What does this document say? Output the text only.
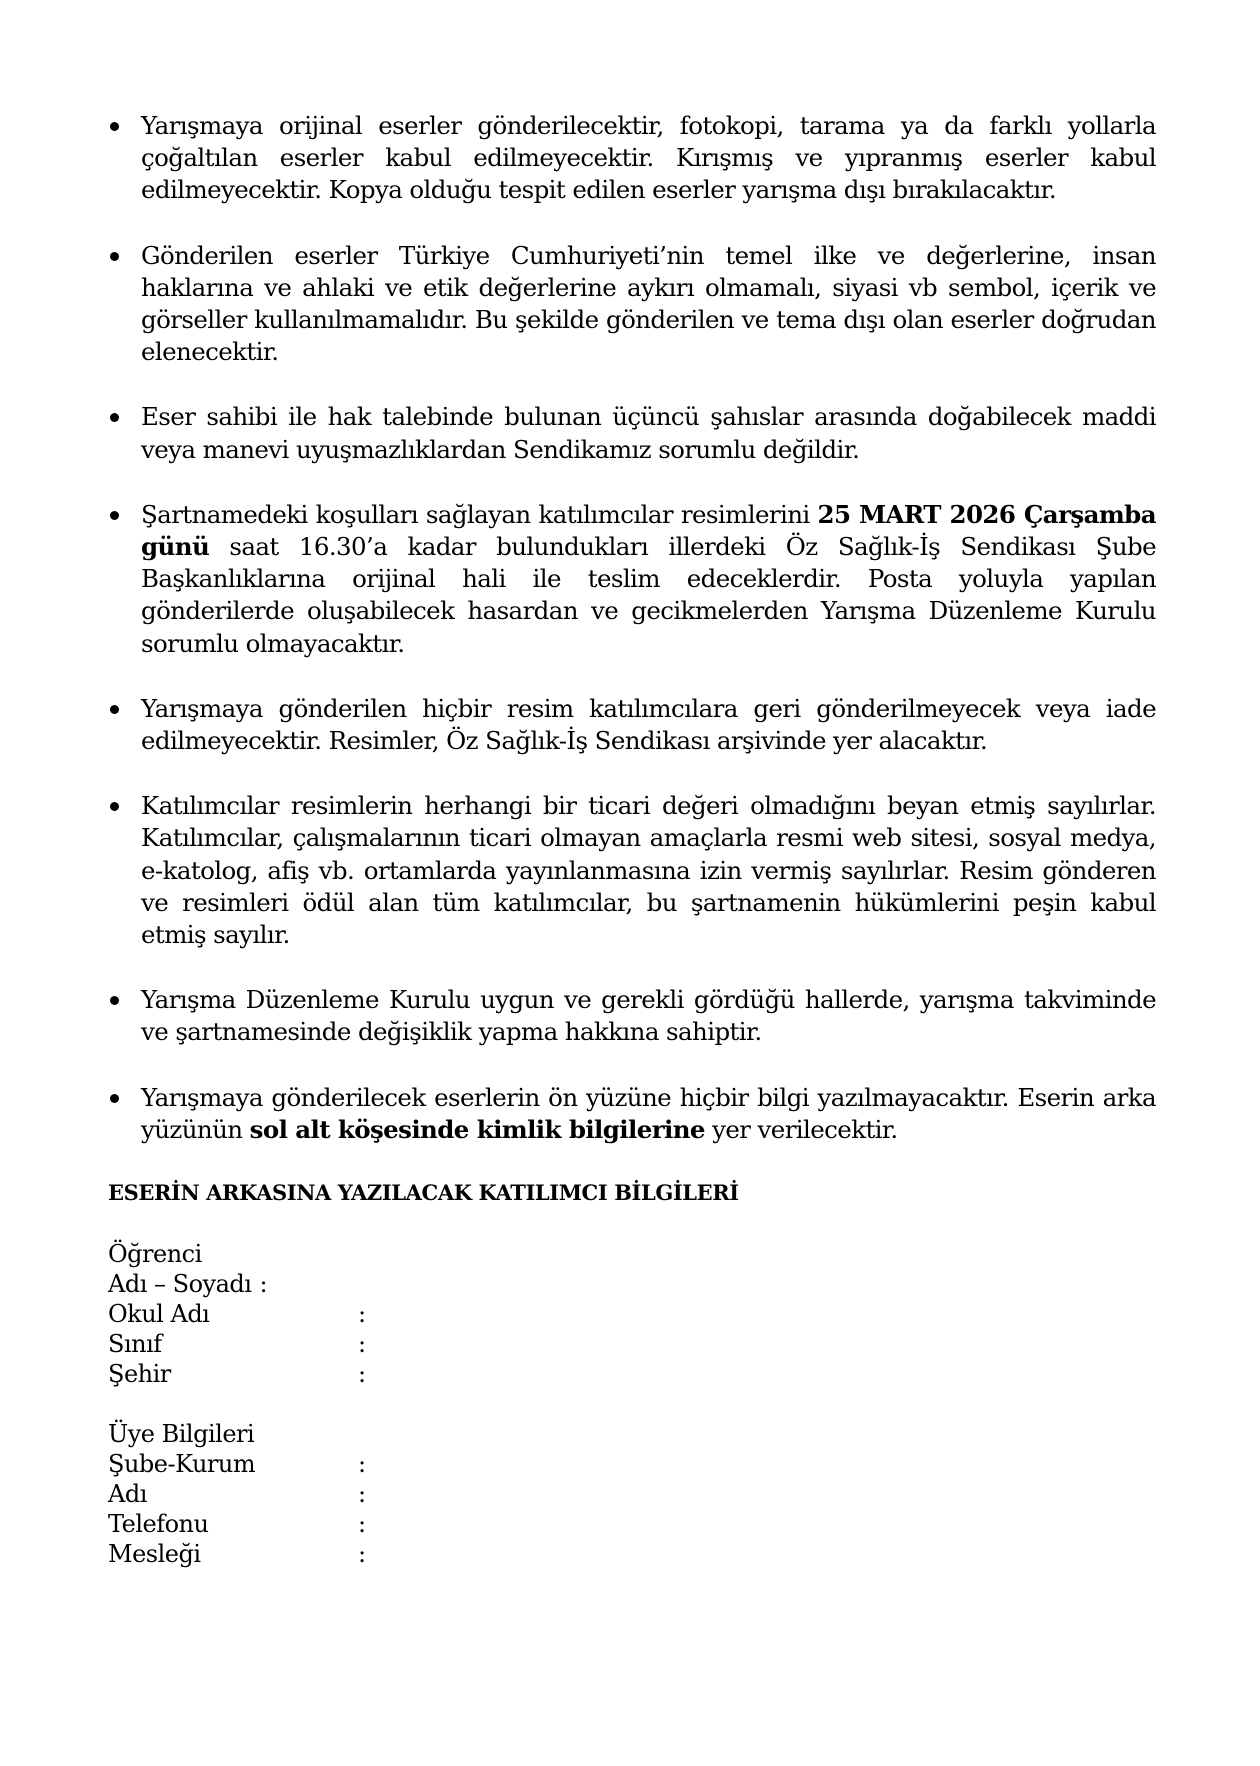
Yarışmaya orijinal eserler gönderilecektir, fotokopi, tarama ya da farklı yollarla çoğaltılan eserler kabul edilmeyecektir. Kırışmış ve yıpranmış eserler kabul edilmeyecektir. Kopya olduğu tespit edilen eserler yarışma dışı bırakılacaktır.
Gönderilen eserler Türkiye Cumhuriyeti’nin temel ilke ve değerlerine, insan haklarına ve ahlaki ve etik değerlerine aykırı olmamalı, siyasi vb sembol, içerik ve görseller kullanılmamalıdır. Bu şekilde gönderilen ve tema dışı olan eserler doğrudan elenecektir.
Eser sahibi ile hak talebinde bulunan üçüncü şahıslar arasında doğabilecek maddi veya manevi uyuşmazlıklardan Sendikamız sorumlu değildir.
Şartnamedeki koşulları sağlayan katılımcılar resimlerini 25 MART 2026 Çarşamba günü saat 16.30’a kadar bulundukları illerdeki Öz Sağlık-İş Sendikası Şube Başkanlıklarına orijinal hali ile teslim edeceklerdir. Posta yoluyla yapılan gönderilerde oluşabilecek hasardan ve gecikmelerden Yarışma Düzenleme Kurulu sorumlu olmayacaktır.
Yarışmaya gönderilen hiçbir resim katılımcılara geri gönderilmeyecek veya iade edilmeyecektir. Resimler, Öz Sağlık-İş Sendikası arşivinde yer alacaktır.
Katılımcılar resimlerin herhangi bir ticari değeri olmadığını beyan etmiş sayılırlar. Katılımcılar, çalışmalarının ticari olmayan amaçlarla resmi web sitesi, sosyal medya, e-katolog, afiş vb. ortamlarda yayınlanmasına izin vermiş sayılırlar. Resim gönderen ve resimleri ödül alan tüm katılımcılar, bu şartnamenin hükümlerini peşin kabul etmiş sayılır.
Yarışma Düzenleme Kurulu uygun ve gerekli gördüğü hallerde, yarışma takviminde ve şartnamesinde değişiklik yapma hakkına sahiptir.
Yarışmaya gönderilecek eserlerin ön yüzüne hiçbir bilgi yazılmayacaktır. Eserin arka yüzünün sol alt köşesinde kimlik bilgilerine yer verilecektir.
ESERİN ARKASINA YAZILACAK KATILIMCI BİLGİLERİ
Öğrenci
Adı – Soyadı :
Okul Adı	:
Sınıf	:
Şehir	:
Üye Bilgileri
Şube-Kurum	:
Adı	:
Telefonu	:
Mesleği	:
